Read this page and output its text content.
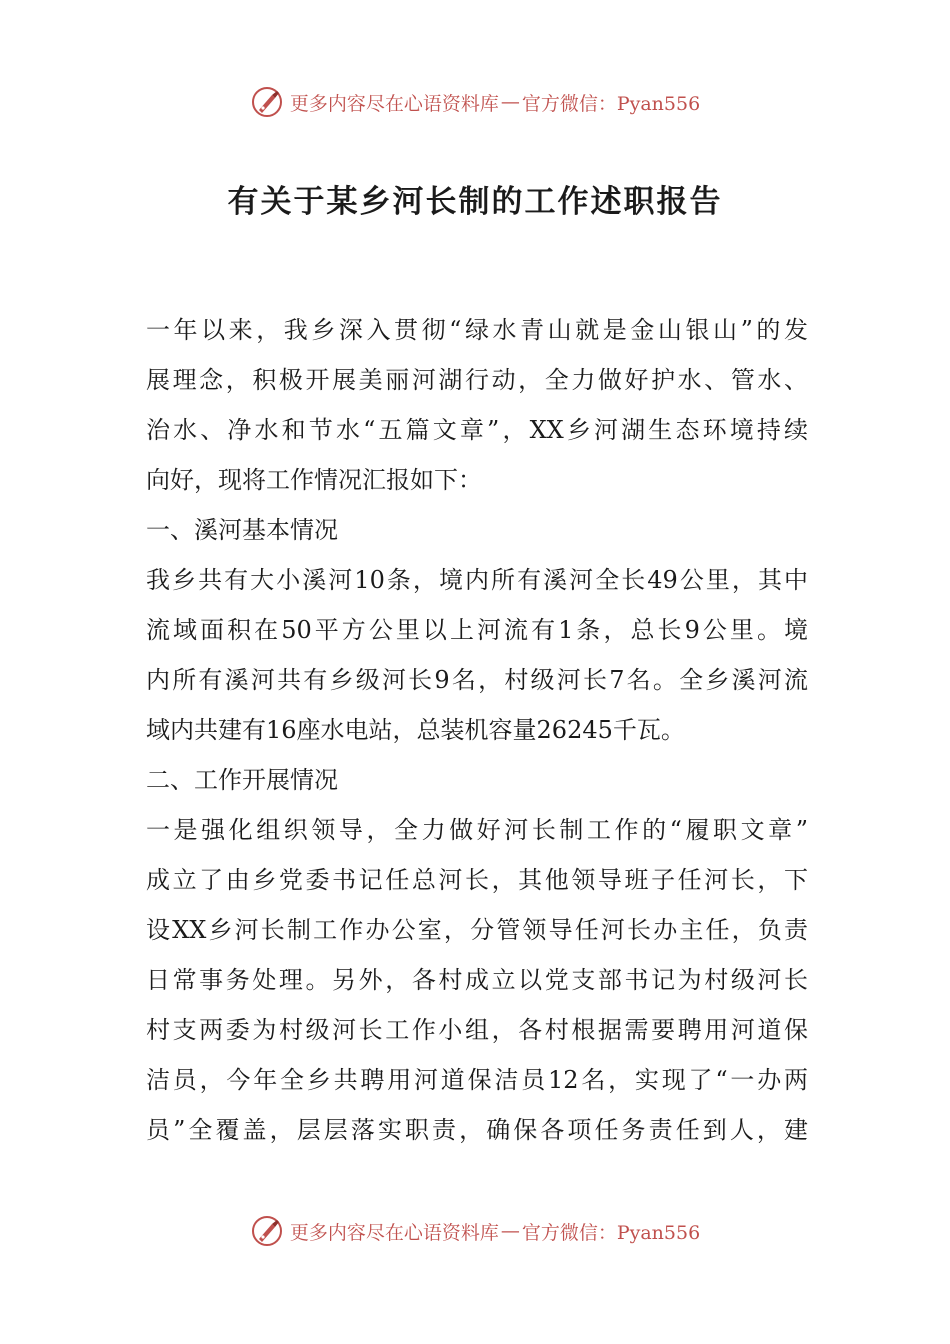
更多内容尽在心语资料库 — 官方微信：Pyan556
有关于某乡河长制的工作述职报告
一年以来，我乡深入贯彻“绿水青山就是金山银山”的发
展理念，积极开展美丽河湖行动，全力做好护水、管水、
治水、净水和节水“五篇文章”，XX乡河湖生态环境持续
向好，现将工作情况汇报如下：
一、溪河基本情况
我乡共有大小溪河10条，境内所有溪河全长49公里，其中
流域面积在50平方公里以上河流有1条，总长9公里。境
内所有溪河共有乡级河长9名，村级河长7名。全乡溪河流
域内共建有16座水电站，总装机容量26245千瓦。
二、工作开展情况
一是强化组织领导，全力做好河长制工作的“履职文章”
成立了由乡党委书记任总河长，其他领导班子任河长，下
设XX乡河长制工作办公室，分管领导任河长办主任，负责
日常事务处理。另外，各村成立以党支部书记为村级河长
村支两委为村级河长工作小组，各村根据需要聘用河道保
洁员，今年全乡共聘用河道保洁员12名，实现了“一办两
员”全覆盖，层层落实职责，确保各项任务责任到人，建
更多内容尽在心语资料库 — 官方微信：Pyan556
